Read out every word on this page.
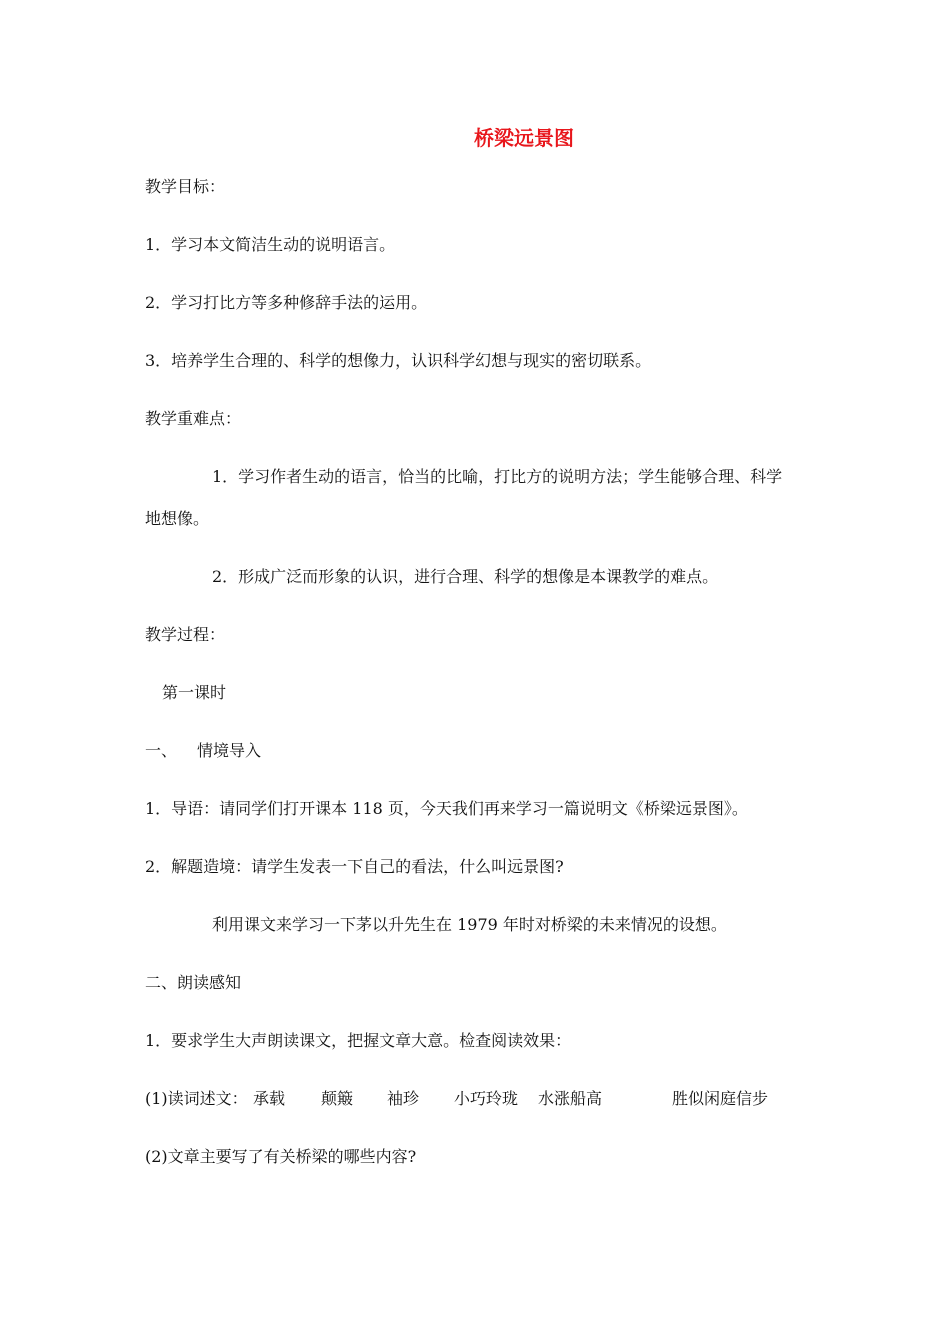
桥梁远景图

教学目标：

1．学习本文简洁生动的说明语言。

2．学习打比方等多种修辞手法的运用。

3．培养学生合理的、科学的想像力，认识科学幻想与现实的密切联系。

教学重难点：

1．学习作者生动的语言，恰当的比喻，打比方的说明方法；学生能够合理、科学

地想像。

2．形成广泛而形象的认识，进行合理、科学的想像是本课教学的难点。

教学过程：

第一课时

一、 情境导入

1．导语：请同学们打开课本 118 页，今天我们再来学习一篇说明文《桥梁远景图》。

2．解题造境：请学生发表一下自己的看法，什么叫远景图?

利用课文来学习一下茅以升先生在 1979 年时对桥梁的未来情况的设想。

二、朗读感知

1．要求学生大声朗读课文，把握文章大意。检查阅读效果：

(1)读词述文： 承载 颠簸 袖珍 小巧玲珑 水涨船高	胜似闲庭信步

(2)文章主要写了有关桥梁的哪些内容?
